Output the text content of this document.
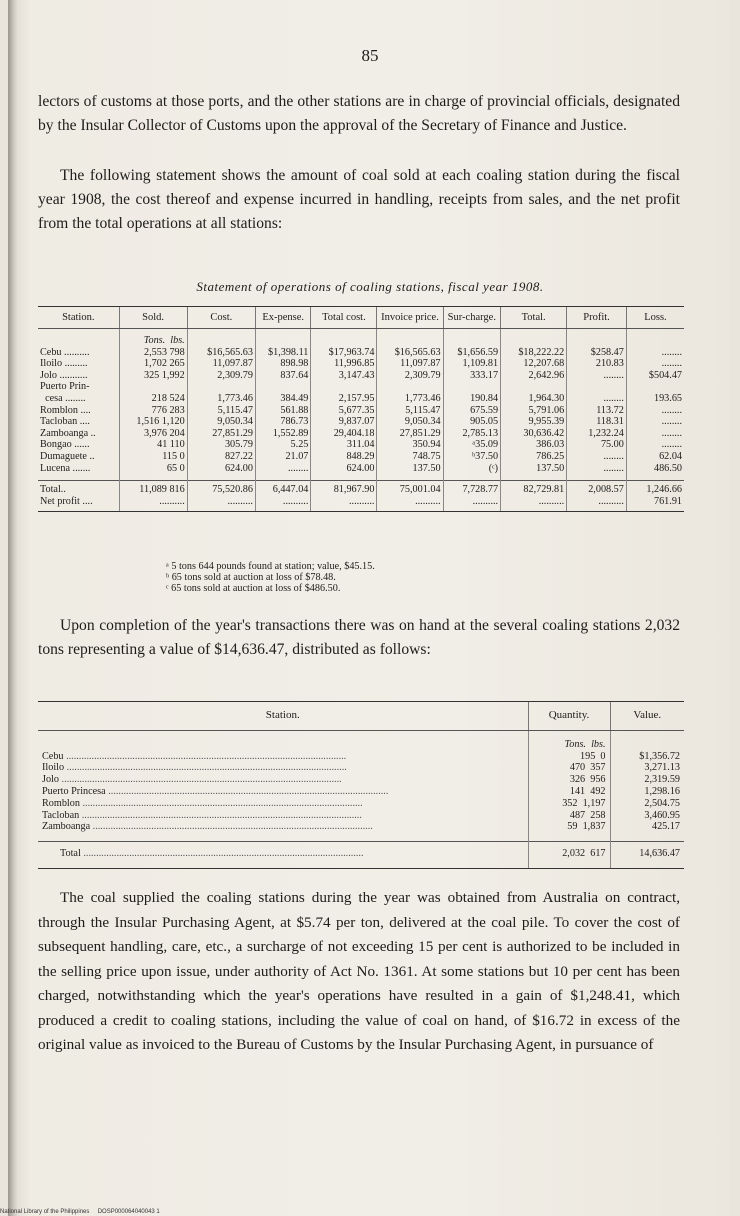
85

lectors of customs at those ports, and the other stations are in charge of provincial officials, designated by the Insular Collector of Customs upon the approval of the Secretary of Finance and Justice.

The following statement shows the amount of coal sold at each coaling station during the fiscal year 1908, the cost thereof and expense incurred in handling, receipts from sales, and the net profit from the total operations at all stations:

Statement of operations of coaling stations, fiscal year 1908.
Station.	Sold.	Cost.	Ex-pense.	Total cost.	Invoice price.	Sur-charge.	Total.	Profit.	Loss.
	Tons. lbs.								
Cebu ..........	2,553 798	$16,565.63	$1,398.11	$17,963.74	$16,565.63	$1,656.59	$18,222.22	$258.47	........
Iloilo .........	1,702 265	11,097.87	898.98	11,996.85	11,097.87	1,109.81	12,207.68	210.83	........
Jolo ...........	325 1,992	2,309.79	837.64	3,147.43	2,309.79	333.17	2,642.96	........	$504.47
Puerto Prin-									
cesa ........	218 524	1,773.46	384.49	2,157.95	1,773.46	190.84	1,964.30	........	193.65
Romblon ....	776 283	5,115.47	561.88	5,677.35	5,115.47	675.59	5,791.06	113.72	........
Tacloban ....	1,516 1,120	9,050.34	786.73	9,837.07	9,050.34	905.05	9,955.39	118.31	........
Zamboanga ..	3,976 204	27,851.29	1,552.89	29,404.18	27,851.29	2,785.13	30,636.42	1,232.24	........
Bongao ......	41 110	305.79	5.25	311.04	350.94	ᵃ35.09	386.03	75.00	........
Dumaguete ..	115 0	827.22	21.07	848.29	748.75	ᵇ37.50	786.25	........	62.04
Lucena .......	65 0	624.00	........	624.00	137.50	(ᶜ)	137.50	........	486.50
Total..	11,089 816	75,520.86	6,447.04	81,967.90	75,001.04	7,728.77	82,729.81	2,008.57	1,246.66
Net profit ....	..........	..........	..........	..........	..........	..........	..........	..........	761.91
ᵃ 5 tons 644 pounds found at station; value, $45.15.
ᵇ 65 tons sold at auction at loss of $78.48.
ᶜ 65 tons sold at auction at loss of $486.50.

Upon completion of the year's transactions there was on hand at the several coaling stations 2,032 tons representing a value of $14,636.47, distributed as follows:

Station.	Quantity.	Value.
	Tons. lbs.	
Cebu ..............................................................................................................	195 0	$1,356.72
Iloilo ..............................................................................................................	470 357	3,271.13
Jolo ..............................................................................................................	326 956	2,319.59
Puerto Princesa ..............................................................................................................	141 492	1,298.16
Romblon ..............................................................................................................	352 1,197	2,504.75
Tacloban ..............................................................................................................	487 258	3,460.95
Zamboanga ..............................................................................................................	59 1,837	425.17
Total ..............................................................................................................	2,032 617	14,636.47

The coal supplied the coaling stations during the year was obtained from Australia on contract, through the Insular Purchasing Agent, at $5.74 per ton, delivered at the coal pile. To cover the cost of subsequent handling, care, etc., a surcharge of not exceeding 15 per cent is authorized to be included in the selling price upon issue, under authority of Act No. 1361. At some stations but 10 per cent has been charged, notwithstanding which the year's operations have resulted in a gain of $1,248.41, which produced a credit to coaling stations, including the value of coal on hand, of $16.72 in excess of the original value as invoiced to the Bureau of Customs by the Insular Purchasing Agent, in pursuance of

National Library of the Philippines     DOSP000064040043 1
